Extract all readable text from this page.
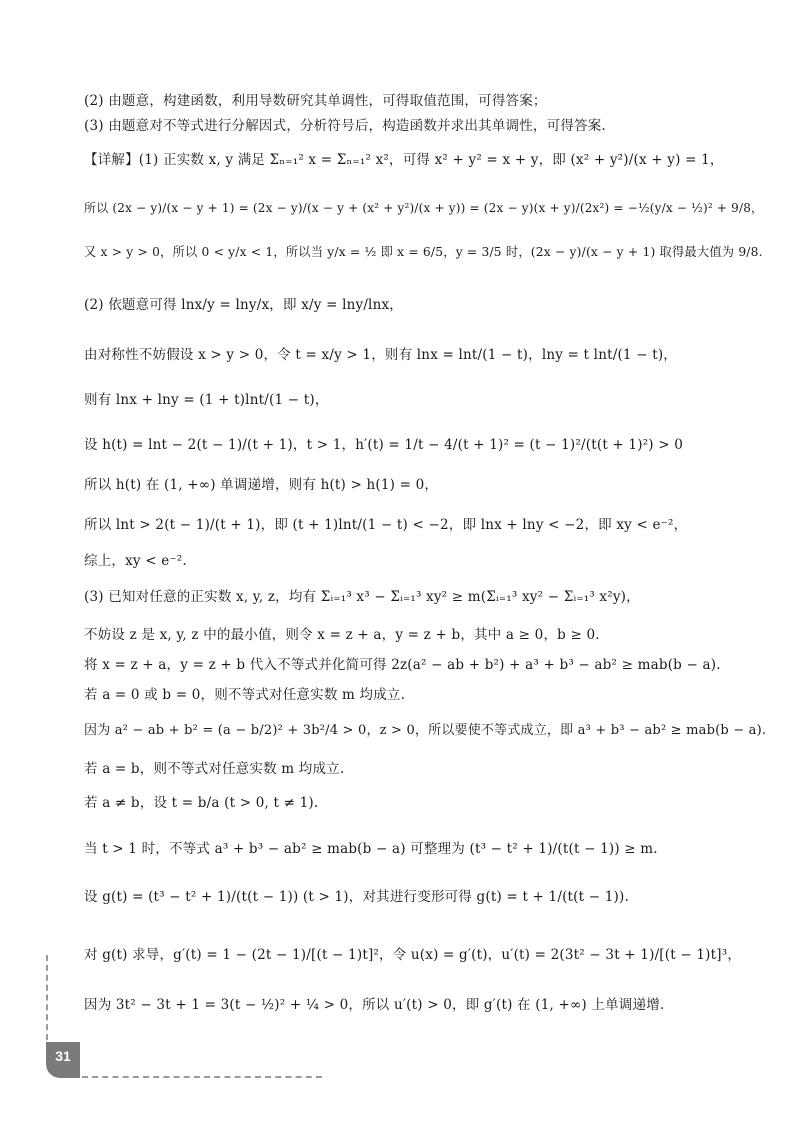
(2) 由题意，构建函数，利用导数研究其单调性，可得取值范围，可得答案；
(3) 由题意对不等式进行分解因式，分析符号后，构造函数并求出其单调性，可得答案.
【详解】(1) 正实数 x, y 满足 Σₙ₌₁² x = Σₙ₌₁² x²，可得 x² + y² = x + y，即 (x² + y²)/(x + y) = 1，
所以 (2x − y)/(x − y + 1) = (2x − y)/(x − y + (x² + y²)/(x + y)) = (2x − y)(x + y)/(2x²) = −½(y/x − ½)² + 9/8，
又 x > y > 0，所以 0 < y/x < 1，所以当 y/x = ½ 即 x = 6/5，y = 3/5 时，(2x − y)/(x − y + 1) 取得最大值为 9/8.
(2) 依题意可得 lnx/y = lny/x，即 x/y = lny/lnx，
由对称性不妨假设 x > y > 0，令 t = x/y > 1，则有 lnx = lnt/(1 − t)，lny = t lnt/(1 − t)，
则有 lnx + lny = (1 + t)lnt/(1 − t)，
设 h(t) = lnt − 2(t − 1)/(t + 1)，t > 1，h′(t) = 1/t − 4/(t + 1)² = (t − 1)²/(t(t + 1)²) > 0
所以 h(t) 在 (1, +∞) 单调递增，则有 h(t) > h(1) = 0，
所以 lnt > 2(t − 1)/(t + 1)，即 (t + 1)lnt/(1 − t) < −2，即 lnx + lny < −2，即 xy < e⁻²，
综上，xy < e⁻².
(3) 已知对任意的正实数 x, y, z，均有 Σᵢ₌₁³ x³ − Σᵢ₌₁³ xy² ≥ m(Σᵢ₌₁³ xy² − Σᵢ₌₁³ x²y)，
不妨设 z 是 x, y, z 中的最小值，则令 x = z + a，y = z + b，其中 a ≥ 0，b ≥ 0.
将 x = z + a，y = z + b 代入不等式并化简可得 2z(a² − ab + b²) + a³ + b³ − ab² ≥ mab(b − a).
若 a = 0 或 b = 0，则不等式对任意实数 m 均成立.
因为 a² − ab + b² = (a − b/2)² + 3b²/4 > 0，z > 0，所以要使不等式成立，即 a³ + b³ − ab² ≥ mab(b − a).
若 a = b，则不等式对任意实数 m 均成立.
若 a ≠ b，设 t = b/a (t > 0, t ≠ 1).
当 t > 1 时，不等式 a³ + b³ − ab² ≥ mab(b − a) 可整理为 (t³ − t² + 1)/(t(t − 1)) ≥ m.
设 g(t) = (t³ − t² + 1)/(t(t − 1)) (t > 1)，对其进行变形可得 g(t) = t + 1/(t(t − 1)).
对 g(t) 求导，g′(t) = 1 − (2t − 1)/[(t − 1)t]²，令 u(x) = g′(t)，u′(t) = 2(3t² − 3t + 1)/[(t − 1)t]³，
因为 3t² − 3t + 1 = 3(t − ½)² + ¼ > 0，所以 u′(t) > 0，即 g′(t) 在 (1, +∞) 上单调递增.
31
